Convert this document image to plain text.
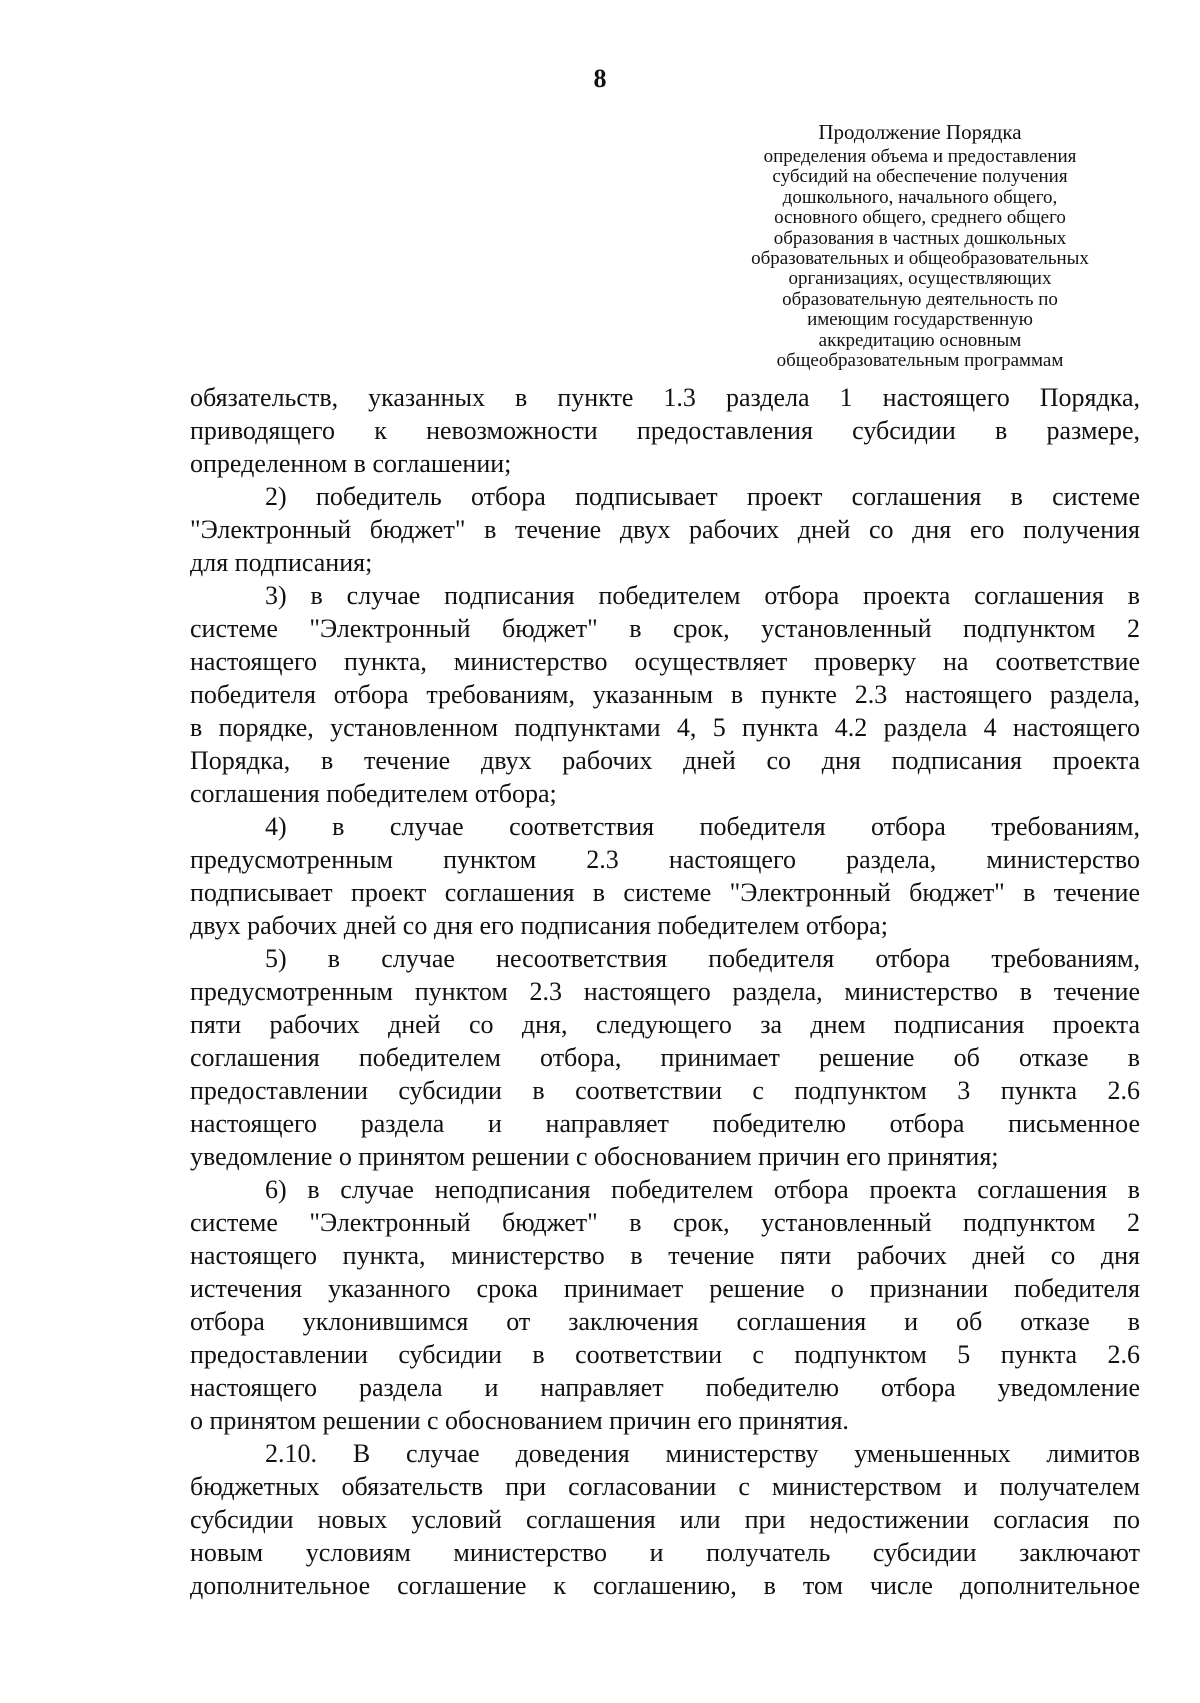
8
Продолжение Порядка
определения объема и предоставления
субсидий на обеспечение получения
дошкольного, начального общего,
основного общего, среднего общего
образования в частных дошкольных
образовательных и общеобразовательных
организациях, осуществляющих
образовательную деятельность по
имеющим государственную
аккредитацию основным
общеобразовательным программам
обязательств, указанных в пункте 1.3 раздела 1 настоящего Порядка,
приводящего к невозможности предоставления субсидии в размере,
определенном в соглашении;
2) победитель отбора подписывает проект соглашения в системе
"Электронный бюджет" в течение двух рабочих дней со дня его получения
для подписания;
3) в случае подписания победителем отбора проекта соглашения в
системе "Электронный бюджет" в срок, установленный подпунктом 2
настоящего пункта, министерство осуществляет проверку на соответствие
победителя отбора требованиям, указанным в пункте 2.3 настоящего раздела,
в порядке, установленном подпунктами 4, 5 пункта 4.2 раздела 4 настоящего
Порядка, в течение двух рабочих дней со дня подписания проекта
соглашения победителем отбора;
4) в случае соответствия победителя отбора требованиям,
предусмотренным пунктом 2.3 настоящего раздела, министерство
подписывает проект соглашения в системе "Электронный бюджет" в течение
двух рабочих дней со дня его подписания победителем отбора;
5) в случае несоответствия победителя отбора требованиям,
предусмотренным пунктом 2.3 настоящего раздела, министерство в течение
пяти рабочих дней со дня, следующего за днем подписания проекта
соглашения победителем отбора, принимает решение об отказе в
предоставлении субсидии в соответствии с подпунктом 3 пункта 2.6
настоящего раздела и направляет победителю отбора письменное
уведомление о принятом решении с обоснованием причин его принятия;
6) в случае неподписания победителем отбора проекта соглашения в
системе "Электронный бюджет" в срок, установленный подпунктом 2
настоящего пункта, министерство в течение пяти рабочих дней со дня
истечения указанного срока принимает решение о признании победителя
отбора уклонившимся от заключения соглашения и об отказе в
предоставлении субсидии в соответствии с подпунктом 5 пункта 2.6
настоящего раздела и направляет победителю отбора уведомление
о принятом решении с обоснованием причин его принятия.
2.10. В случае доведения министерству уменьшенных лимитов
бюджетных обязательств при согласовании с министерством и получателем
субсидии новых условий соглашения или при недостижении согласия по
новым условиям министерство и получатель субсидии заключают
дополнительное соглашение к соглашению, в том числе дополнительное
